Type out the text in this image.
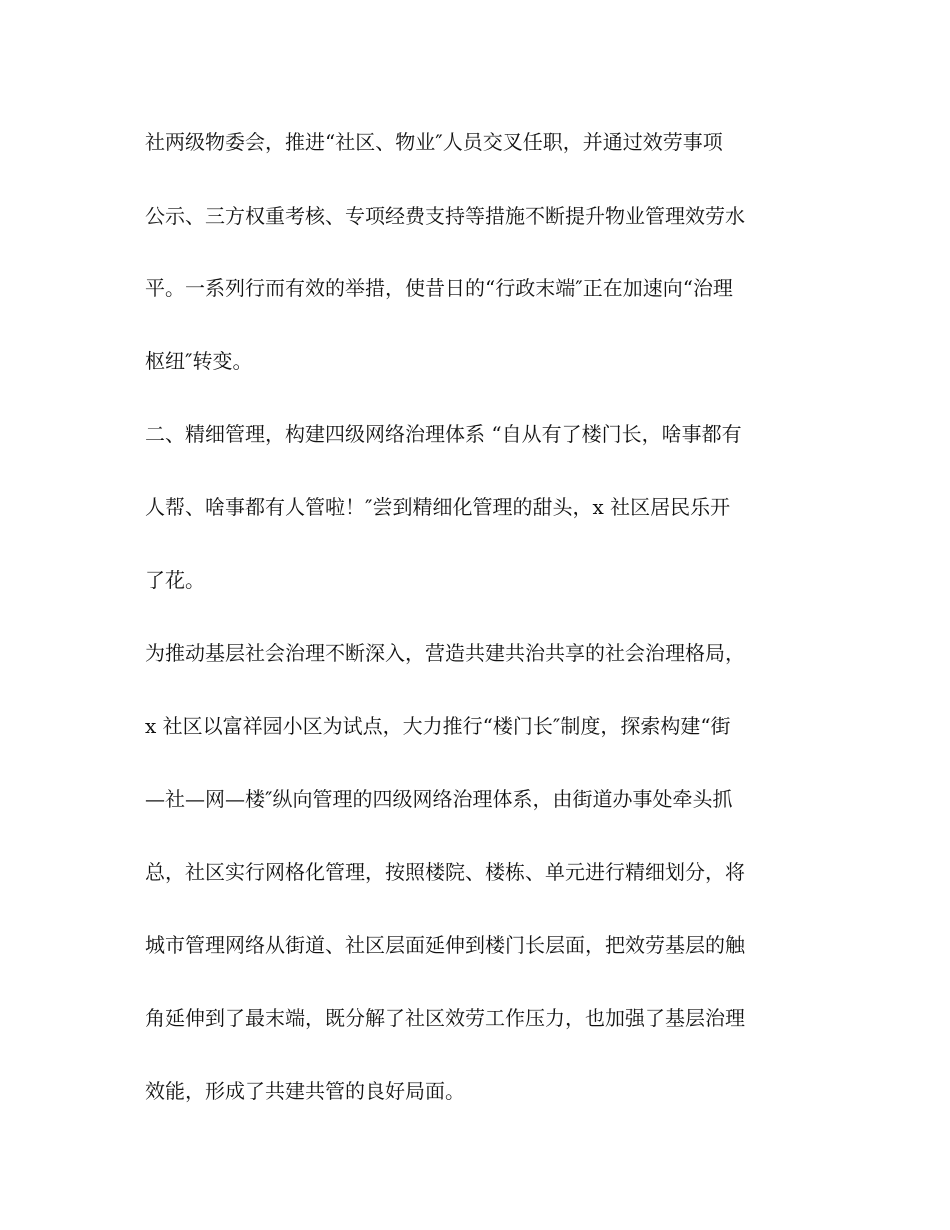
社两级物委会，推进“社区、物业″人员交叉任职，并通过效劳事项
公示、三方权重考核、专项经费支持等措施不断提升物业管理效劳水
平。一系列行而有效的举措，使昔日的“行政末端″正在加速向“治理
枢纽″转变。
二、精细管理，构建四级网络治理体系 “自从有了楼门长，啥事都有
人帮、啥事都有人管啦！″尝到精细化管理的甜头，x 社区居民乐开
了花。
为推动基层社会治理不断深入，营造共建共治共享的社会治理格局，
x 社区以富祥园小区为试点，大力推行“楼门长″制度，探索构建“街
—社—网—楼″纵向管理的四级网络治理体系，由街道办事处牵头抓
总，社区实行网格化管理，按照楼院、楼栋、单元进行精细划分，将
城市管理网络从街道、社区层面延伸到楼门长层面，把效劳基层的触
角延伸到了最末端，既分解了社区效劳工作压力，也加强了基层治理
效能，形成了共建共管的良好局面。
